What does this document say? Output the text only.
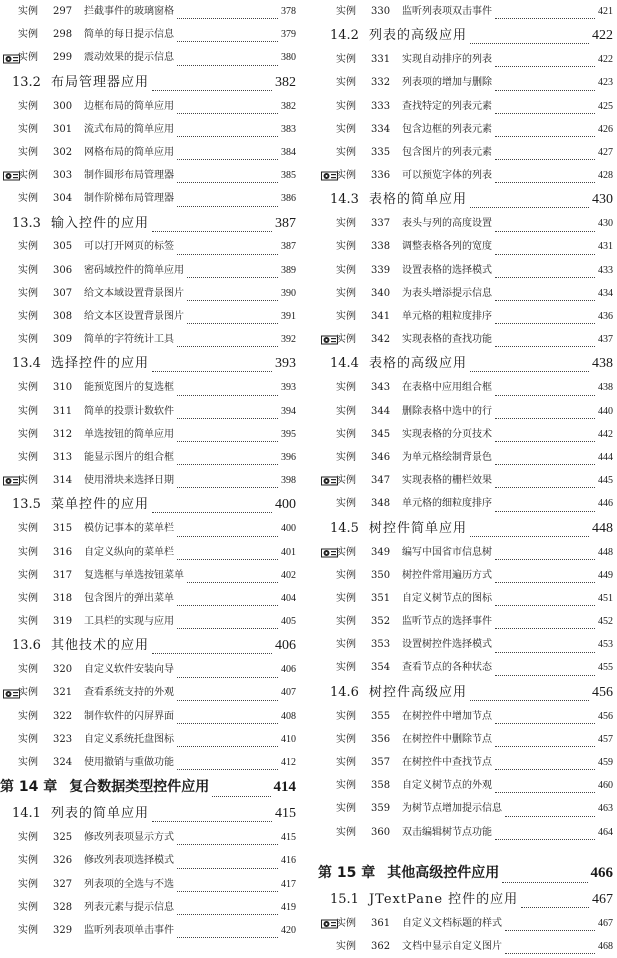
实例	297	拦截事件的玻璃窗格	378
实例	298	简单的每日提示信息	379
实例	299	震动效果的提示信息	380
13.2 布局管理器应用	382
实例	300	边框布局的简单应用	382
实例	301	流式布局的简单应用	383
实例	302	网格布局的简单应用	384
实例	303	制作圆形布局管理器	385
实例	304	制作阶梯布局管理器	386
13.3 输入控件的应用	387
实例	305	可以打开网页的标签	387
实例	306	密码域控件的简单应用	389
实例	307	给文本域设置背景图片	390
实例	308	给文本区设置背景图片	391
实例	309	简单的字符统计工具	392
13.4 选择控件的应用	393
实例	310	能预览图片的复选框	393
实例	311	简单的投票计数软件	394
实例	312	单选按钮的简单应用	395
实例	313	能显示图片的组合框	396
实例	314	使用滑块来选择日期	398
13.5 菜单控件的应用	400
实例	315	模仿记事本的菜单栏	400
实例	316	自定义纵向的菜单栏	401
实例	317	复选框与单选按钮菜单	402
实例	318	包含图片的弹出菜单	404
实例	319	工具栏的实现与应用	405
13.6 其他技术的应用	406
实例	320	自定义软件安装向导	406
实例	321	查看系统支持的外观	407
实例	322	制作软件的闪屏界面	408
实例	323	自定义系统托盘图标	410
实例	324	使用撤销与重做功能	412
第 14 章 复合数据类型控件应用	414
14.1 列表的简单应用	415
实例	325	修改列表项显示方式	415
实例	326	修改列表项选择模式	416
实例	327	列表项的全选与不选	417
实例	328	列表元素与提示信息	419
实例	329	监听列表项单击事件	420
实例	330	监听列表项双击事件	421
14.2 列表的高级应用	422
实例	331	实现自动排序的列表	422
实例	332	列表项的增加与删除	423
实例	333	查找特定的列表元素	425
实例	334	包含边框的列表元素	426
实例	335	包含图片的列表元素	427
实例	336	可以预览字体的列表	428
14.3 表格的简单应用	430
实例	337	表头与列的高度设置	430
实例	338	调整表格各列的宽度	431
实例	339	设置表格的选择模式	433
实例	340	为表头增添提示信息	434
实例	341	单元格的粗粒度排序	436
实例	342	实现表格的查找功能	437
14.4 表格的高级应用	438
实例	343	在表格中应用组合框	438
实例	344	删除表格中选中的行	440
实例	345	实现表格的分页技术	442
实例	346	为单元格绘制背景色	444
实例	347	实现表格的栅栏效果	445
实例	348	单元格的细粒度排序	446
14.5 树控件简单应用	448
实例	349	编写中国省市信息树	448
实例	350	树控件常用遍历方式	449
实例	351	自定义树节点的图标	451
实例	352	监听节点的选择事件	452
实例	353	设置树控件选择模式	453
实例	354	查看节点的各种状态	455
14.6 树控件高级应用	456
实例	355	在树控件中增加节点	456
实例	356	在树控件中删除节点	457
实例	357	在树控件中查找节点	459
实例	358	自定义树节点的外观	460
实例	359	为树节点增加提示信息	463
实例	360	双击编辑树节点功能	464
第 15 章 其他高级控件应用	466
15.1 JTextPane 控件的应用	467
实例	361	自定义文档标题的样式	467
实例	362	文档中显示自定义图片	468
